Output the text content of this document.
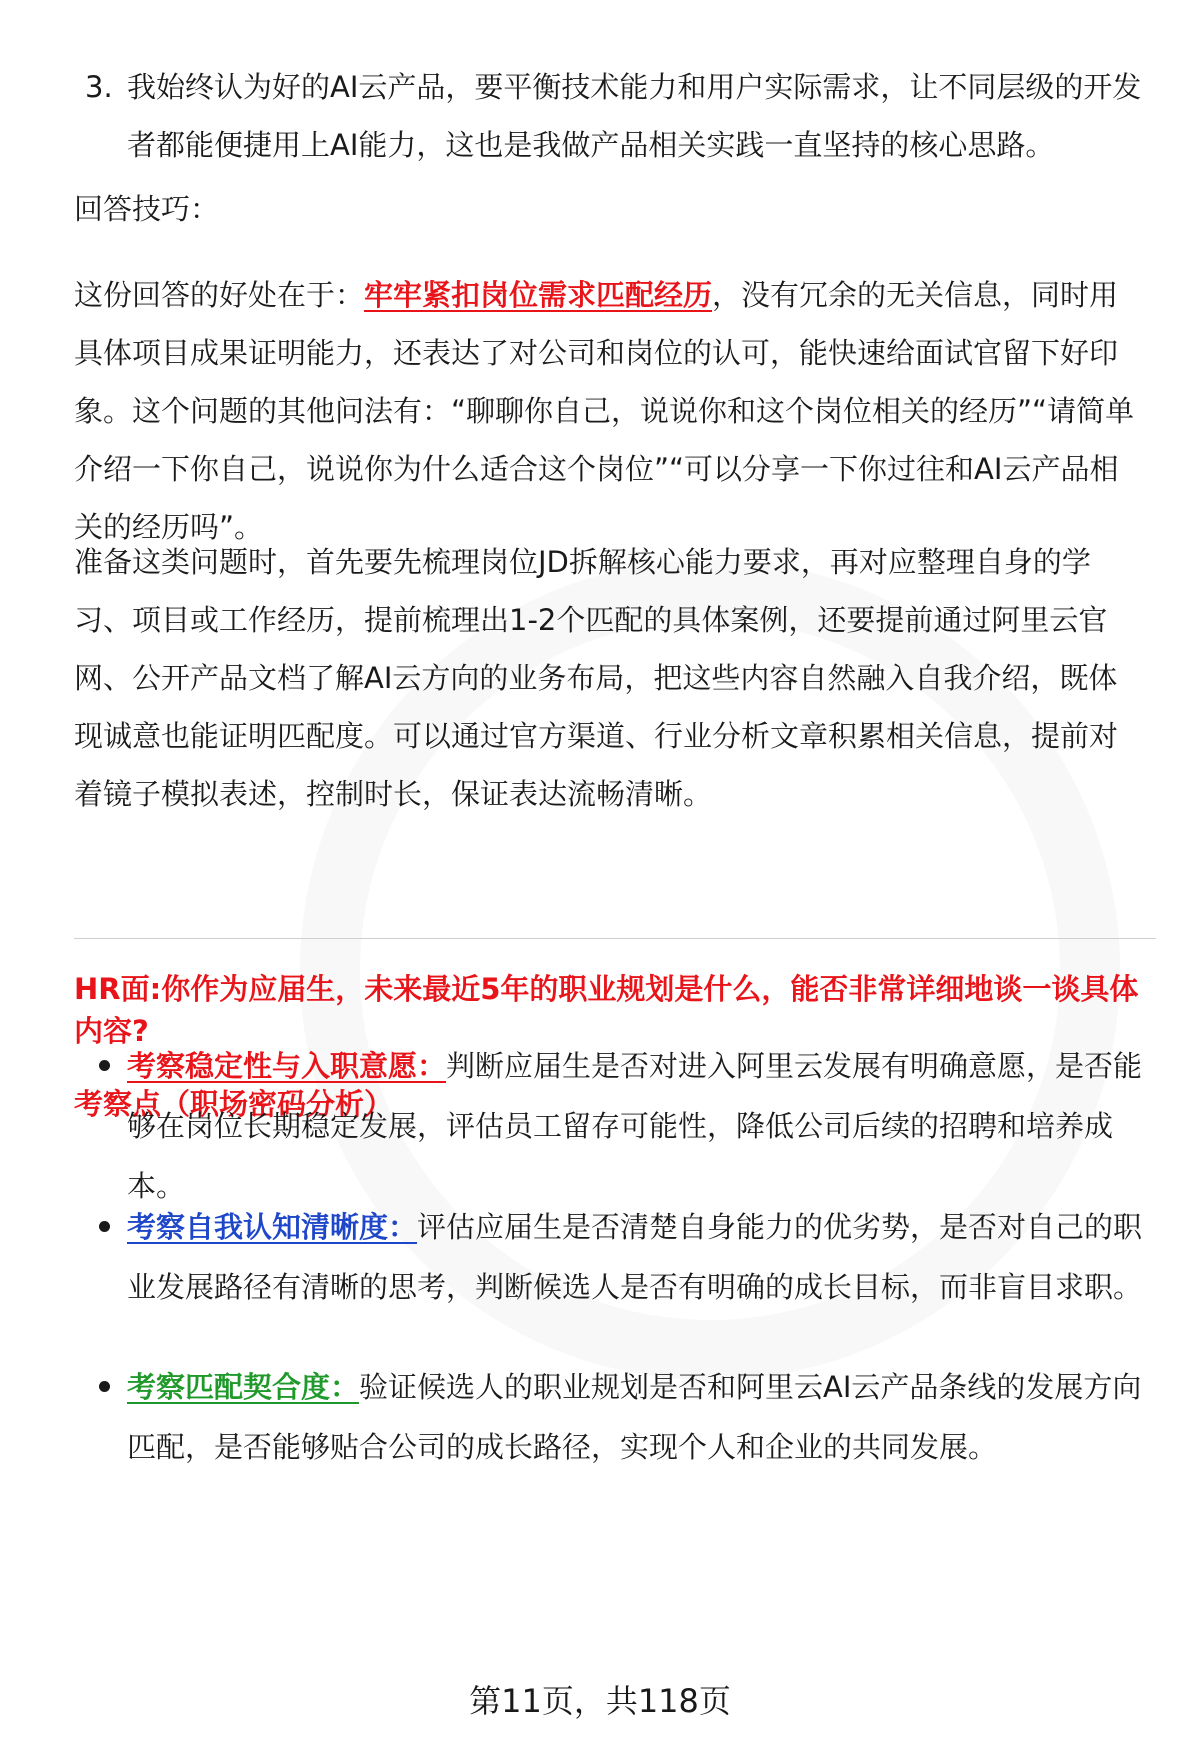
3. 我始终认为好的AI云产品，要平衡技术能力和用户实际需求，让不同层级的开发者都能便捷用上AI能力，这也是我做产品相关实践一直坚持的核心思路。
回答技巧：
这份回答的好处在于：牢牢紧扣岗位需求匹配经历，没有冗余的无关信息，同时用具体项目成果证明能力，还表达了对公司和岗位的认可，能快速给面试官留下好印象。这个问题的其他问法有：“聊聊你自己，说说你和这个岗位相关的经历”“请简单介绍一下你自己，说说你为什么适合这个岗位”“可以分享一下你过往和AI云产品相关的经历吗”。
准备这类问题时，首先要先梳理岗位JD拆解核心能力要求，再对应整理自身的学习、项目或工作经历，提前梳理出1-2个匹配的具体案例，还要提前通过阿里云官网、公开产品文档了解AI云方向的业务布局，把这些内容自然融入自我介绍，既体现诚意也能证明匹配度。可以通过官方渠道、行业分析文章积累相关信息，提前对着镜子模拟表述，控制时长，保证表达流畅清晰。
HR面:你作为应届生，未来最近5年的职业规划是什么，能否非常详细地谈一谈具体内容?
考察点（职场密码分析）
考察稳定性与入职意愿：判断应届生是否对进入阿里云发展有明确意愿，是否能够在岗位长期稳定发展，评估员工留存可能性，降低公司后续的招聘和培养成本。
考察自我认知清晰度：评估应届生是否清楚自身能力的优劣势，是否对自己的职业发展路径有清晰的思考，判断候选人是否有明确的成长目标，而非盲目求职。
考察匹配契合度：验证候选人的职业规划是否和阿里云AI云产品条线的发展方向匹配，是否能够贴合公司的成长路径，实现个人和企业的共同发展。
第11页，共118页
